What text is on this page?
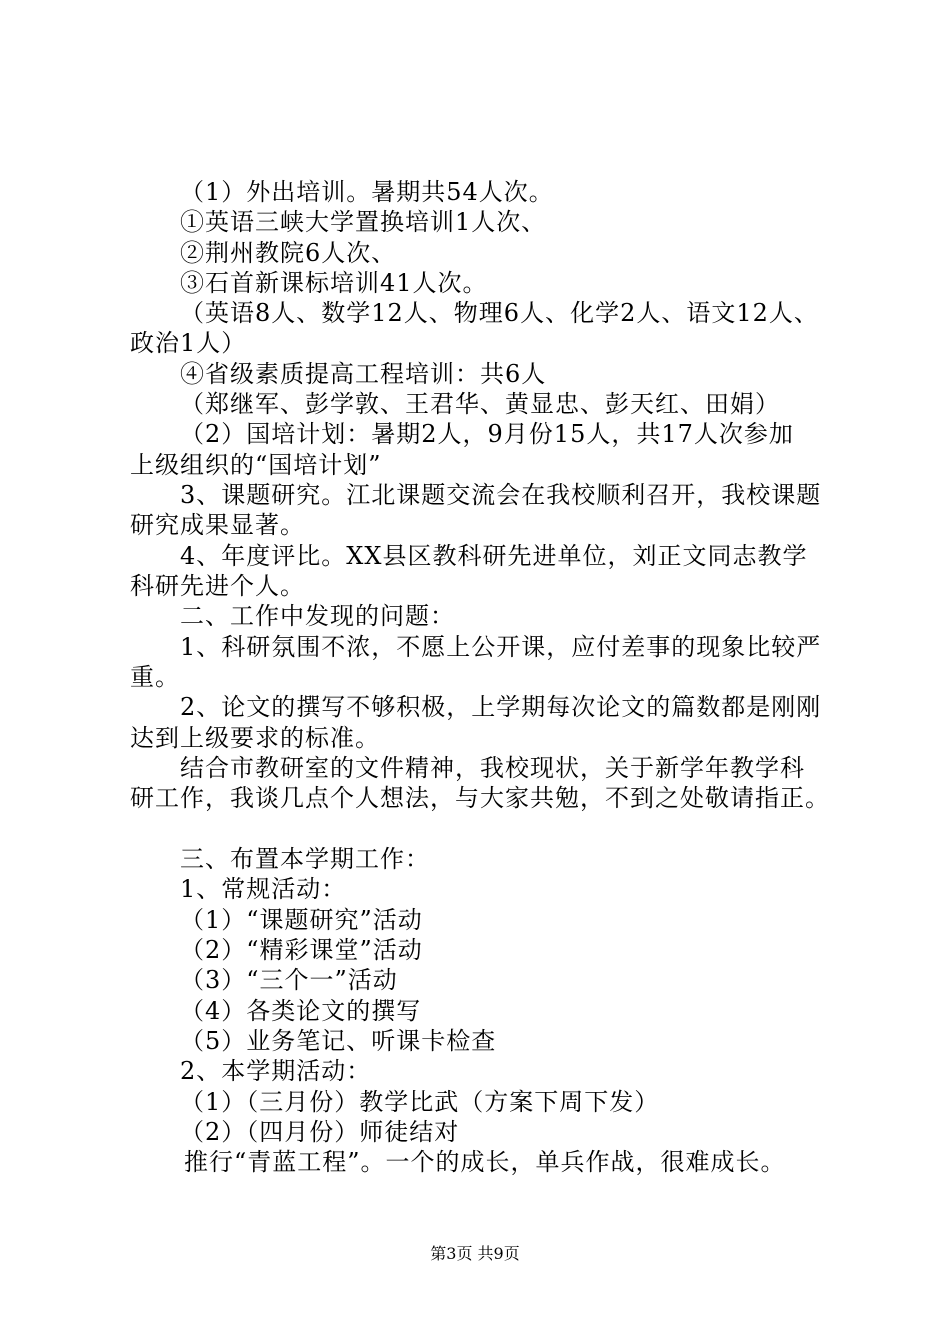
（1）外出培训。暑期共54人次。
①英语三峡大学置换培训1人次、
②荆州教院6人次、
③石首新课标培训41人次。
（英语8人、数学12人、物理6人、化学2人、语文12人、
政治1人）
④省级素质提高工程培训：共6人
（郑继军、彭学敦、王君华、黄显忠、彭天红、田娟）
（2）国培计划：暑期2人，9月份15人，共17人次参加
上级组织的“国培计划”
3、课题研究。江北课题交流会在我校顺利召开，我校课题
研究成果显著。
4、年度评比。XX县区教科研先进单位，刘正文同志教学
科研先进个人。
二、工作中发现的问题：
1、科研氛围不浓，不愿上公开课，应付差事的现象比较严
重。
2、论文的撰写不够积极，上学期每次论文的篇数都是刚刚
达到上级要求的标准。
结合市教研室的文件精神，我校现状，关于新学年教学科
研工作，我谈几点个人想法，与大家共勉，不到之处敬请指正。
三、布置本学期工作：
1、常规活动：
（1）“课题研究”活动
（2）“精彩课堂”活动
（3）“三个一”活动
（4）各类论文的撰写
（5）业务笔记、听课卡检查
2、本学期活动：
（1）（三月份）教学比武（方案下周下发）
（2）（四月份）师徒结对
推行“青蓝工程”。一个的成长，单兵作战，很难成长。
第3页 共9页
